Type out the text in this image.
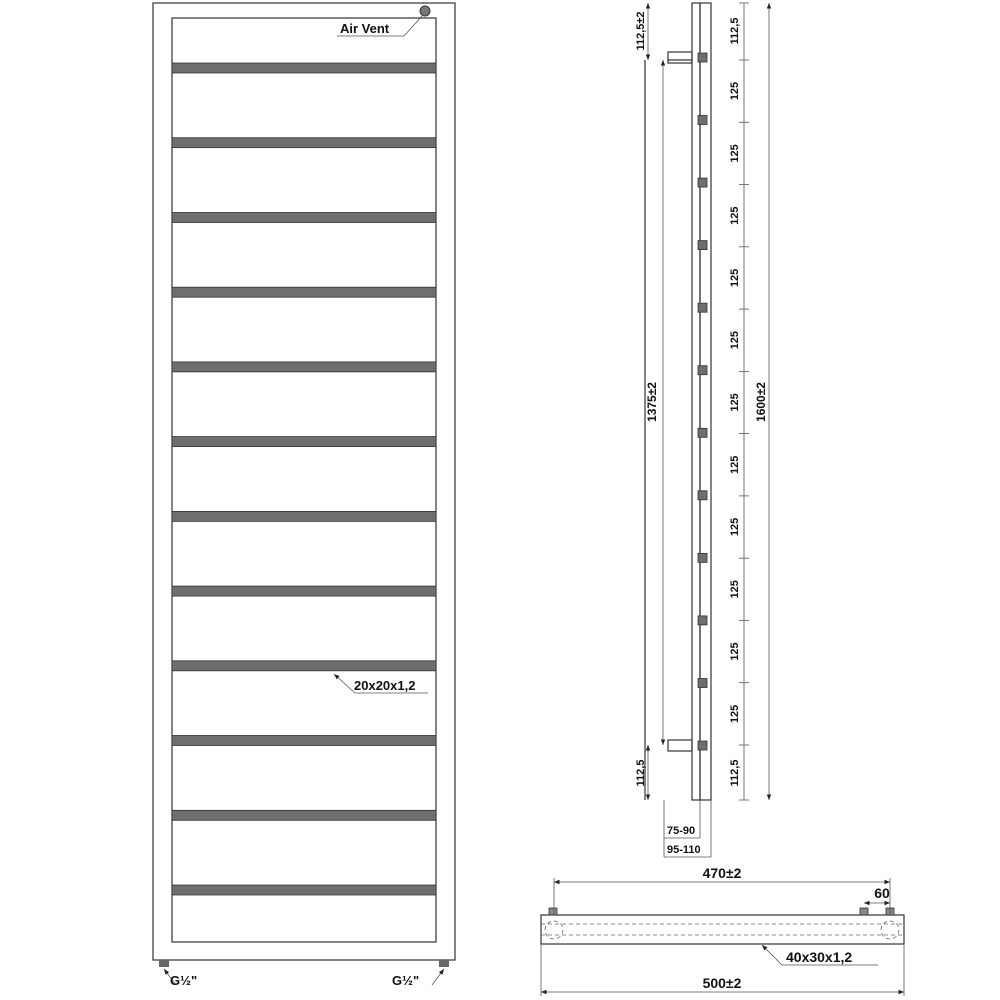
Air Vent
20x20x1,2
G½"	G½"
1375±2	1600±2
112,5±2
112,5
112,5
125
125
125
125
125
125
125
125
125
125
125
112,5
75-90
95-110
470±2
60
40x30x1,2
500±2
